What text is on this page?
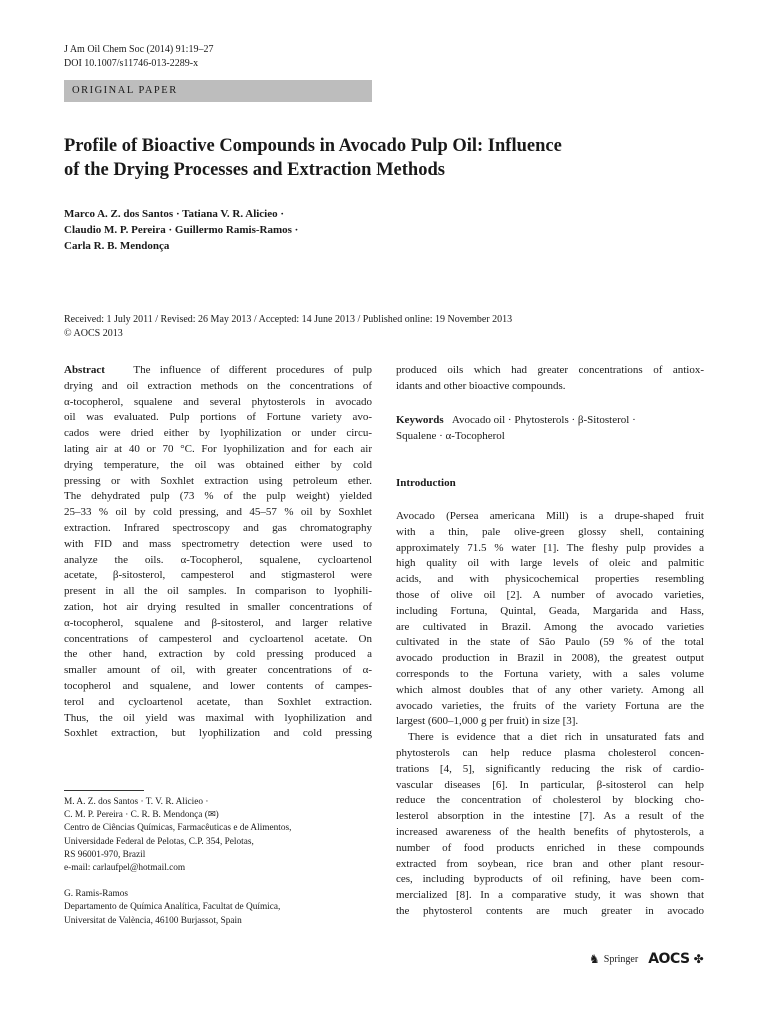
J Am Oil Chem Soc (2014) 91:19–27
DOI 10.1007/s11746-013-2289-x
ORIGINAL PAPER
Profile of Bioactive Compounds in Avocado Pulp Oil: Influence
of the Drying Processes and Extraction Methods
Marco A. Z. dos Santos · Tatiana V. R. Alicieo ·
Claudio M. P. Pereira · Guillermo Ramis-Ramos ·
Carla R. B. Mendonça
Received: 1 July 2011 / Revised: 26 May 2013 / Accepted: 14 June 2013 / Published online: 19 November 2013
© AOCS 2013
Abstract	The influence of different procedures of pulp
drying and oil extraction methods on the concentrations of
α-tocopherol, squalene and several phytosterols in avocado
oil was evaluated. Pulp portions of Fortune variety avo-
cados were dried either by lyophilization or under circu-
lating air at 40 or 70 °C. For lyophilization and for each air
drying temperature, the oil was obtained either by cold
pressing or with Soxhlet extraction using petroleum ether.
The dehydrated pulp (73 % of the pulp weight) yielded
25–33 % oil by cold pressing, and 45–57 % oil by Soxhlet
extraction. Infrared spectroscopy and gas chromatography
with FID and mass spectrometry detection were used to
analyze the oils. α-Tocopherol, squalene, cycloartenol
acetate, β-sitosterol, campesterol and stigmasterol were
present in all the oil samples. In comparison to lyophili-
zation, hot air drying resulted in smaller concentrations of
α-tocopherol, squalene and β-sitosterol, and larger relative
concentrations of campesterol and cycloartenol acetate. On
the other hand, extraction by cold pressing produced a
smaller amount of oil, with greater concentrations of α-
tocopherol and squalene, and lower contents of campes-
terol and cycloartenol acetate, than Soxhlet extraction.
Thus, the oil yield was maximal with lyophilization and
Soxhlet extraction, but lyophilization and cold pressing
produced oils which had greater concentrations of antiox-
idants and other bioactive compounds.
Keywords Avocado oil · Phytosterols · β-Sitosterol ·
Squalene · α-Tocopherol
Introduction
Avocado (Persea americana Mill) is a drupe-shaped fruit
with a thin, pale olive-green glossy shell, containing
approximately 71.5 % water [1]. The fleshy pulp provides a
high quality oil with large levels of oleic and palmitic
acids, and with physicochemical properties resembling
those of olive oil [2]. A number of avocado varieties,
including Fortuna, Quintal, Geada, Margarida and Hass,
are cultivated in Brazil. Among the avocado varieties
cultivated in the state of São Paulo (59 % of the total
avocado production in Brazil in 2008), the greatest output
corresponds to the Fortuna variety, with a sales volume
which almost doubles that of any other variety. Among all
avocado varieties, the fruits of the variety Fortuna are the
largest (600–1,000 g per fruit) in size [3].
There is evidence that a diet rich in unsaturated fats and
phytosterols can help reduce plasma cholesterol concen-
trations [4, 5], significantly reducing the risk of cardio-
vascular diseases [6]. In particular, β-sitosterol can help
reduce the concentration of cholesterol by blocking cho-
lesterol absorption in the intestine [7]. As a result of the
increased awareness of the health benefits of phytosterols, a
number of food products enriched in these compounds
extracted from soybean, rice bran and other plant resour-
ces, including byproducts of oil refining, have been com-
mercialized [8]. In a comparative study, it was shown that
the phytosterol contents are much greater in avocado
M. A. Z. dos Santos · T. V. R. Alicieo ·
C. M. P. Pereira · C. R. B. Mendonça (✉)
Centro de Ciências Químicas, Farmacêuticas e de Alimentos,
Universidade Federal de Pelotas, C.P. 354, Pelotas,
RS 96001-970, Brazil
e-mail: carlaufpel@hotmail.com
G. Ramis-Ramos
Departamento de Química Analítica, Facultat de Química,
Universitat de València, 46100 Burjassot, Spain
♞ Springer AOCS ✤
